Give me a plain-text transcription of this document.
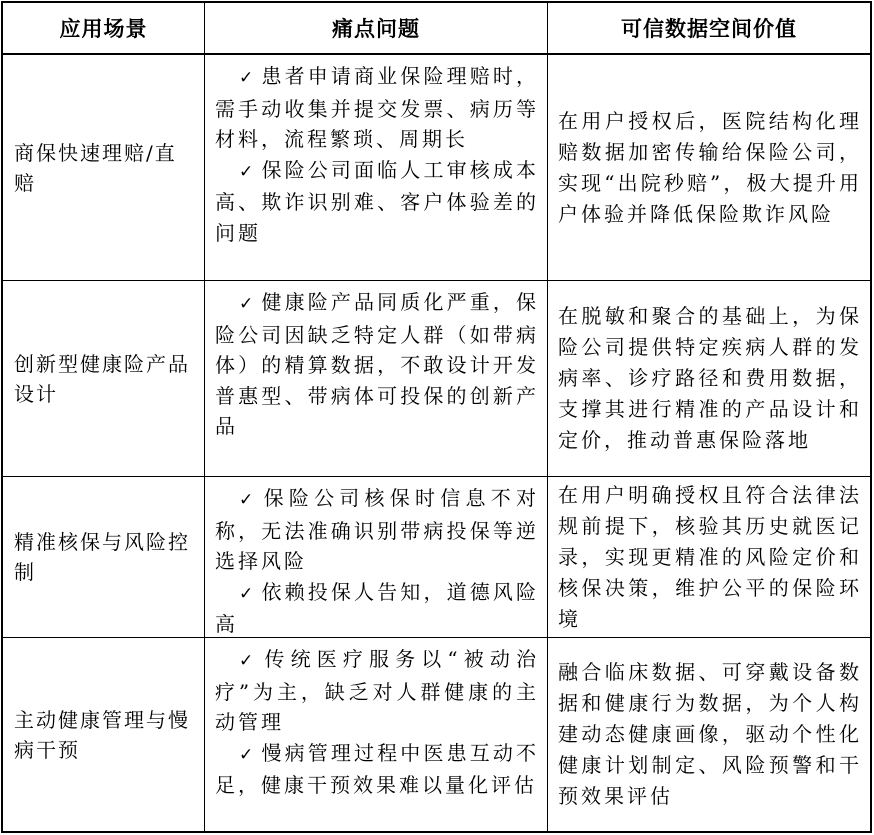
应用场景	痛点问题	可信数据空间价值
商保快速理赔/直赔

✓ 患者申请商业保险理赔时，需手动收集并提交发票、病历等材料，流程繁琐、周期长

✓ 保险公司面临人工审核成本高、欺诈识别难、客户体验差的问题

在用户授权后，医院结构化理赔数据加密传输给保险公司，实现“出院秒赔”，极大提升用户体验并降低保险欺诈风险
创新型健康险产品设计

✓ 健康险产品同质化严重，保险公司因缺乏特定人群（如带病体）的精算数据，不敢设计开发普惠型、带病体可投保的创新产品

在脱敏和聚合的基础上，为保险公司提供特定疾病人群的发病率、诊疗路径和费用数据，支撑其进行精准的产品设计和定价，推动普惠保险落地
精准核保与风险控制

✓ 保险公司核保时信息不对称，无法准确识别带病投保等逆选择风险

✓ 依赖投保人告知，道德风险高

在用户明确授权且符合法律法规前提下，核验其历史就医记录，实现更精准的风险定价和核保决策，维护公平的保险环境
主动健康管理与慢病干预

✓ 传统医疗服务以“被动治疗”为主，缺乏对人群健康的主动管理

✓ 慢病管理过程中医患互动不足，健康干预效果难以量化评估

融合临床数据、可穿戴设备数据和健康行为数据，为个人构建动态健康画像，驱动个性化健康计划制定、风险预警和干预效果评估
